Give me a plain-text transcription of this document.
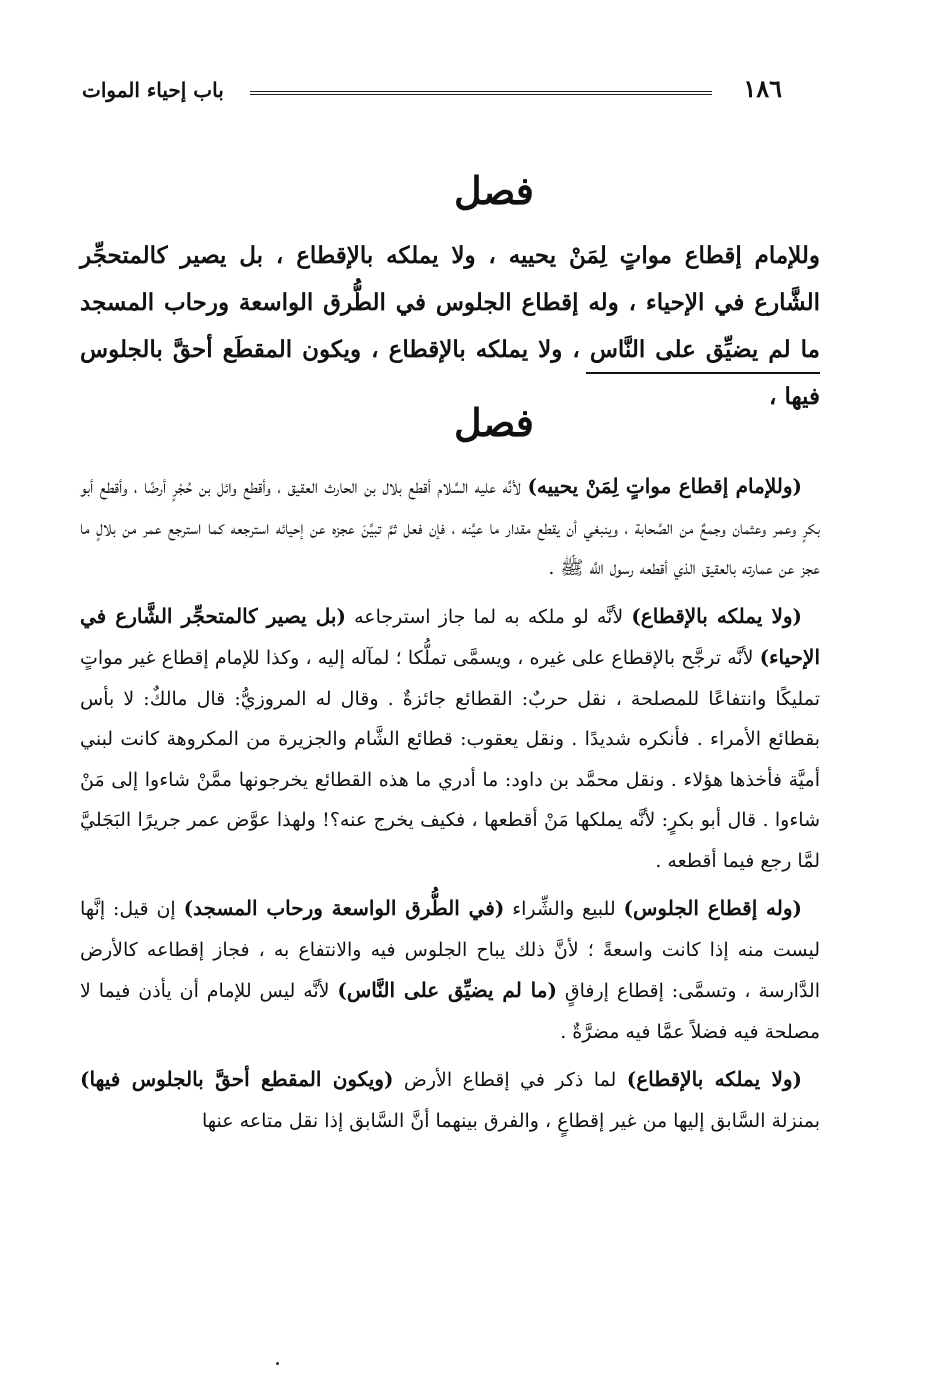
١٨٦
باب إحياء الموات
فصل
وللإمام إقطاع مواتٍ لِمَنْ يحييه ، ولا يملكه بالإقطاع ، بل يصير كالمتحجِّر الشَّارع في الإحياء ، وله إقطاع الجلوس في الطُّرق الواسعة ورحاب المسجد ما لم يضيِّق على النَّاس ، ولا يملكه بالإقطاع ، ويكون المقطَع أحقَّ بالجلوس فيها ،
فصل

(وللإمام إقطاع مواتٍ لِمَنْ يحييه) لأنَّه عليه السَّلام أقطع بلال بن الحارث العقيق ، وأقطع وائل بن حُجْرٍ أرضًا ، وأقطع أبو بكرٍ وعمر وعثمان وجمعٌ من الصَّحابة ، وينبغي أن يقطع مقدار ما عيَّنه ، فإن فعل ثمَّ تبيَّنَ عجزه عن إحيائه استرجعه كما استرجع عمر من بلالٍ ما عجز عن عمارته بالعقيق الذي أقطعه رسول اللَّه ﷺ .

(ولا يملكه بالإقطاع) لأنَّه لو ملكه به لما جاز استرجاعه (بل يصير كالمتحجِّر الشَّارع في الإحياء) لأنَّه ترجَّح بالإقطاع على غيره ، ويسمَّى تملُّكا ؛ لمآله إليه ، وكذا للإمام إقطاع غير مواتٍ تمليكًا وانتفاعًا للمصلحة ، نقل حربٌ: القطائع جائزةٌ . وقال له المروزيُّ: قال مالكٌ: لا بأس بقطائع الأمراء . فأنكره شديدًا . ونقل يعقوب: قطائع الشَّام والجزيرة من المكروهة كانت لبني أميَّة فأخذها هؤلاء . ونقل محمَّد بن داود: ما أدري ما هذه القطائع يخرجونها ممَّنْ شاءوا إلى مَنْ شاءوا . قال أبو بكرٍ: لأنَّه يملكها مَنْ أقطعها ، فكيف يخرج عنه؟! ولهذا عوَّض عمر جريرًا البَجَليَّ لمَّا رجع فيما أقطعه .

(وله إقطاع الجلوس) للبيع والشِّراء (في الطُّرق الواسعة ورحاب المسجد) إن قيل: إنَّها ليست منه إذا كانت واسعةً ؛ لأنَّ ذلك يباح الجلوس فيه والانتفاع به ، فجاز إقطاعه كالأرض الدَّارسة ، وتسمَّى: إقطاع إرفاقٍ (ما لم يضيِّق على النَّاس) لأنَّه ليس للإمام أن يأذن فيما لا مصلحة فيه فضلاً عمَّا فيه مضرَّةٌ .

(ولا يملكه بالإقطاع) لما ذكر في إقطاع الأرض (ويكون المقطع أحقَّ بالجلوس فيها) بمنزلة السَّابق إليها من غير إقطاعٍ ، والفرق بينهما أنَّ السَّابق إذا نقل متاعه عنها
